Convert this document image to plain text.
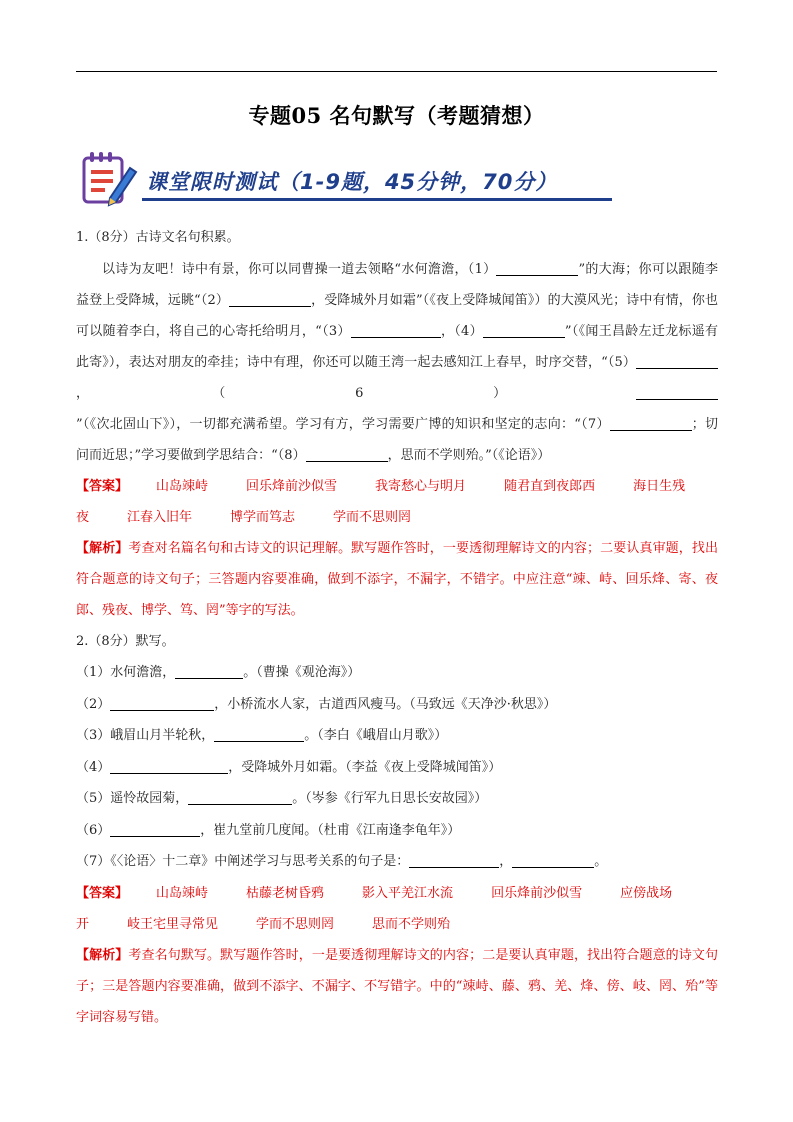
专题05 名句默写（考题猜想）
课堂限时测试（1-9题，45分钟，70分）

1.（8分）古诗文名句积累。

以诗为友吧！诗中有景，你可以同曹操一道去领略“水何澹澹，（1）	”的大海；你可以跟随李益登上受降城，远眺“（2）	，受降城外月如霜”（《夜上受降城闻笛》）的大漠风光；诗中有情，你也可以随着李白，将自己的心寄托给明月，“（3）	，（4）	”（《闻王昌龄左迁龙标遥有此寄》），表达对朋友的牵挂；诗中有理，你还可以随王湾一起去感知江上春早，时序交替，“（5），（6）”（《次北固山下》），一切都充满希望。学习有方，学习需要广博的知识和坚定的志向：“（7）	；切问而近思；”学习要做到学思结合：“（8）	，思而不学则殆。”（《论语》）

【答案】 山岛竦峙	回乐烽前沙似雪	我寄愁心与明月	随君直到夜郎西	海日生残夜	江春入旧年	博学而笃志	学而不思则罔

【解析】考查对名篇名句和古诗文的识记理解。默写题作答时，一要透彻理解诗文的内容；二要认真审题，找出符合题意的诗文句子；三答题内容要准确，做到不添字，不漏字，不错字。中应注意“竦、峙、回乐烽、寄、夜郎、残夜、博学、笃、罔”等字的写法。

2.（8分）默写。

（1）水何澹澹，	。（曹操《观沧海》）

（2）	，小桥流水人家，古道西风瘦马。（马致远《天净沙·秋思》）

（3）峨眉山月半轮秋，	。（李白《峨眉山月歌》）

（4）	，受降城外月如霜。（李益《夜上受降城闻笛》）

（5）遥怜故园菊，	。（岑参《行军九日思长安故园》）

（6）	，崔九堂前几度闻。（杜甫《江南逢李龟年》）

（7）《〈论语〉十二章》中阐述学习与思考关系的句子是：	，	。

【答案】 山岛竦峙	枯藤老树昏鸦	影入平羌江水流	回乐烽前沙似雪	应傍战场开	岐王宅里寻常见	学而不思则罔	思而不学则殆

【解析】考查名句默写。默写题作答时，一是要透彻理解诗文的内容；二是要认真审题，找出符合题意的诗文句子；三是答题内容要准确，做到不添字、不漏字、不写错字。中的“竦峙、藤、鸦、羌、烽、傍、岐、罔、殆”等字词容易写错。
